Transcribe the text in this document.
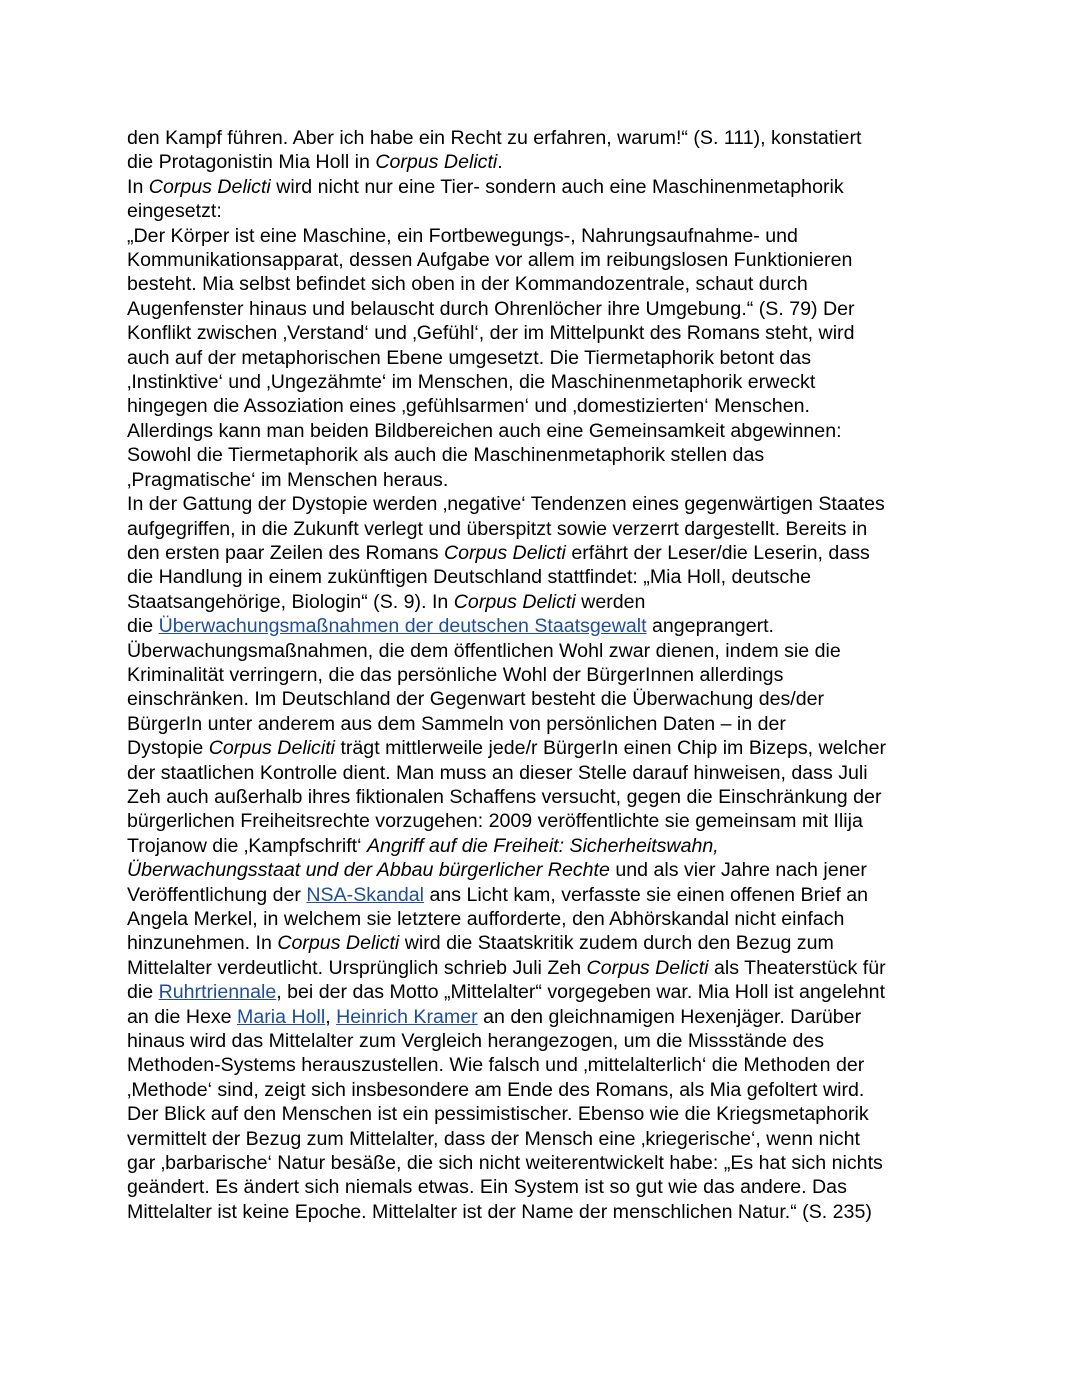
den Kampf führen. Aber ich habe ein Recht zu erfahren, warum!“ (S. 111), konstatiert
die Protagonistin Mia Holl in Corpus Delicti.
In Corpus Delicti wird nicht nur eine Tier- sondern auch eine Maschinenmetaphorik
eingesetzt:
„Der Körper ist eine Maschine, ein Fortbewegungs-, Nahrungsaufnahme- und
Kommunikationsapparat, dessen Aufgabe vor allem im reibungslosen Funktionieren
besteht. Mia selbst befindet sich oben in der Kommandozentrale, schaut durch
Augenfenster hinaus und belauscht durch Ohrenlöcher ihre Umgebung.“ (S. 79) Der
Konflikt zwischen ‚Verstand‘ und ‚Gefühl‘, der im Mittelpunkt des Romans steht, wird
auch auf der metaphorischen Ebene umgesetzt. Die Tiermetaphorik betont das
‚Instinktive‘ und ‚Ungezähmte‘ im Menschen, die Maschinenmetaphorik erweckt
hingegen die Assoziation eines ‚gefühlsarmen‘ und ‚domestizierten‘ Menschen.
Allerdings kann man beiden Bildbereichen auch eine Gemeinsamkeit abgewinnen:
Sowohl die Tiermetaphorik als auch die Maschinenmetaphorik stellen das
‚Pragmatische‘ im Menschen heraus.
In der Gattung der Dystopie werden ‚negative‘ Tendenzen eines gegenwärtigen Staates
aufgegriffen, in die Zukunft verlegt und überspitzt sowie verzerrt dargestellt. Bereits in
den ersten paar Zeilen des Romans Corpus Delicti erfährt der Leser/die Leserin, dass
die Handlung in einem zukünftigen Deutschland stattfindet: „Mia Holl, deutsche
Staatsangehörige, Biologin“ (S. 9). In Corpus Delicti werden
die Überwachungsmaßnahmen der deutschen Staatsgewalt angeprangert.
Überwachungsmaßnahmen, die dem öffentlichen Wohl zwar dienen, indem sie die
Kriminalität verringern, die das persönliche Wohl der BürgerInnen allerdings
einschränken. Im Deutschland der Gegenwart besteht die Überwachung des/der
BürgerIn unter anderem aus dem Sammeln von persönlichen Daten – in der
Dystopie Corpus Deliciti trägt mittlerweile jede/r BürgerIn einen Chip im Bizeps, welcher
der staatlichen Kontrolle dient. Man muss an dieser Stelle darauf hinweisen, dass Juli
Zeh auch außerhalb ihres fiktionalen Schaffens versucht, gegen die Einschränkung der
bürgerlichen Freiheitsrechte vorzugehen: 2009 veröffentlichte sie gemeinsam mit Ilija
Trojanow die ‚Kampfschrift‘ Angriff auf die Freiheit: Sicherheitswahn,
Überwachungsstaat und der Abbau bürgerlicher Rechte und als vier Jahre nach jener
Veröffentlichung der NSA-Skandal ans Licht kam, verfasste sie einen offenen Brief an
Angela Merkel, in welchem sie letztere aufforderte, den Abhörskandal nicht einfach
hinzunehmen. In Corpus Delicti wird die Staatskritik zudem durch den Bezug zum
Mittelalter verdeutlicht. Ursprünglich schrieb Juli Zeh Corpus Delicti als Theaterstück für
die Ruhrtriennale, bei der das Motto „Mittelalter“ vorgegeben war. Mia Holl ist angelehnt
an die Hexe Maria Holl, Heinrich Kramer an den gleichnamigen Hexenjäger. Darüber
hinaus wird das Mittelalter zum Vergleich herangezogen, um die Missstände des
Methoden-Systems herauszustellen. Wie falsch und ‚mittelalterlich‘ die Methoden der
‚Methode‘ sind, zeigt sich insbesondere am Ende des Romans, als Mia gefoltert wird.
Der Blick auf den Menschen ist ein pessimistischer. Ebenso wie die Kriegsmetaphorik
vermittelt der Bezug zum Mittelalter, dass der Mensch eine ‚kriegerische‘, wenn nicht
gar ‚barbarische‘ Natur besäße, die sich nicht weiterentwickelt habe: „Es hat sich nichts
geändert. Es ändert sich niemals etwas. Ein System ist so gut wie das andere. Das
Mittelalter ist keine Epoche. Mittelalter ist der Name der menschlichen Natur.“ (S. 235)
